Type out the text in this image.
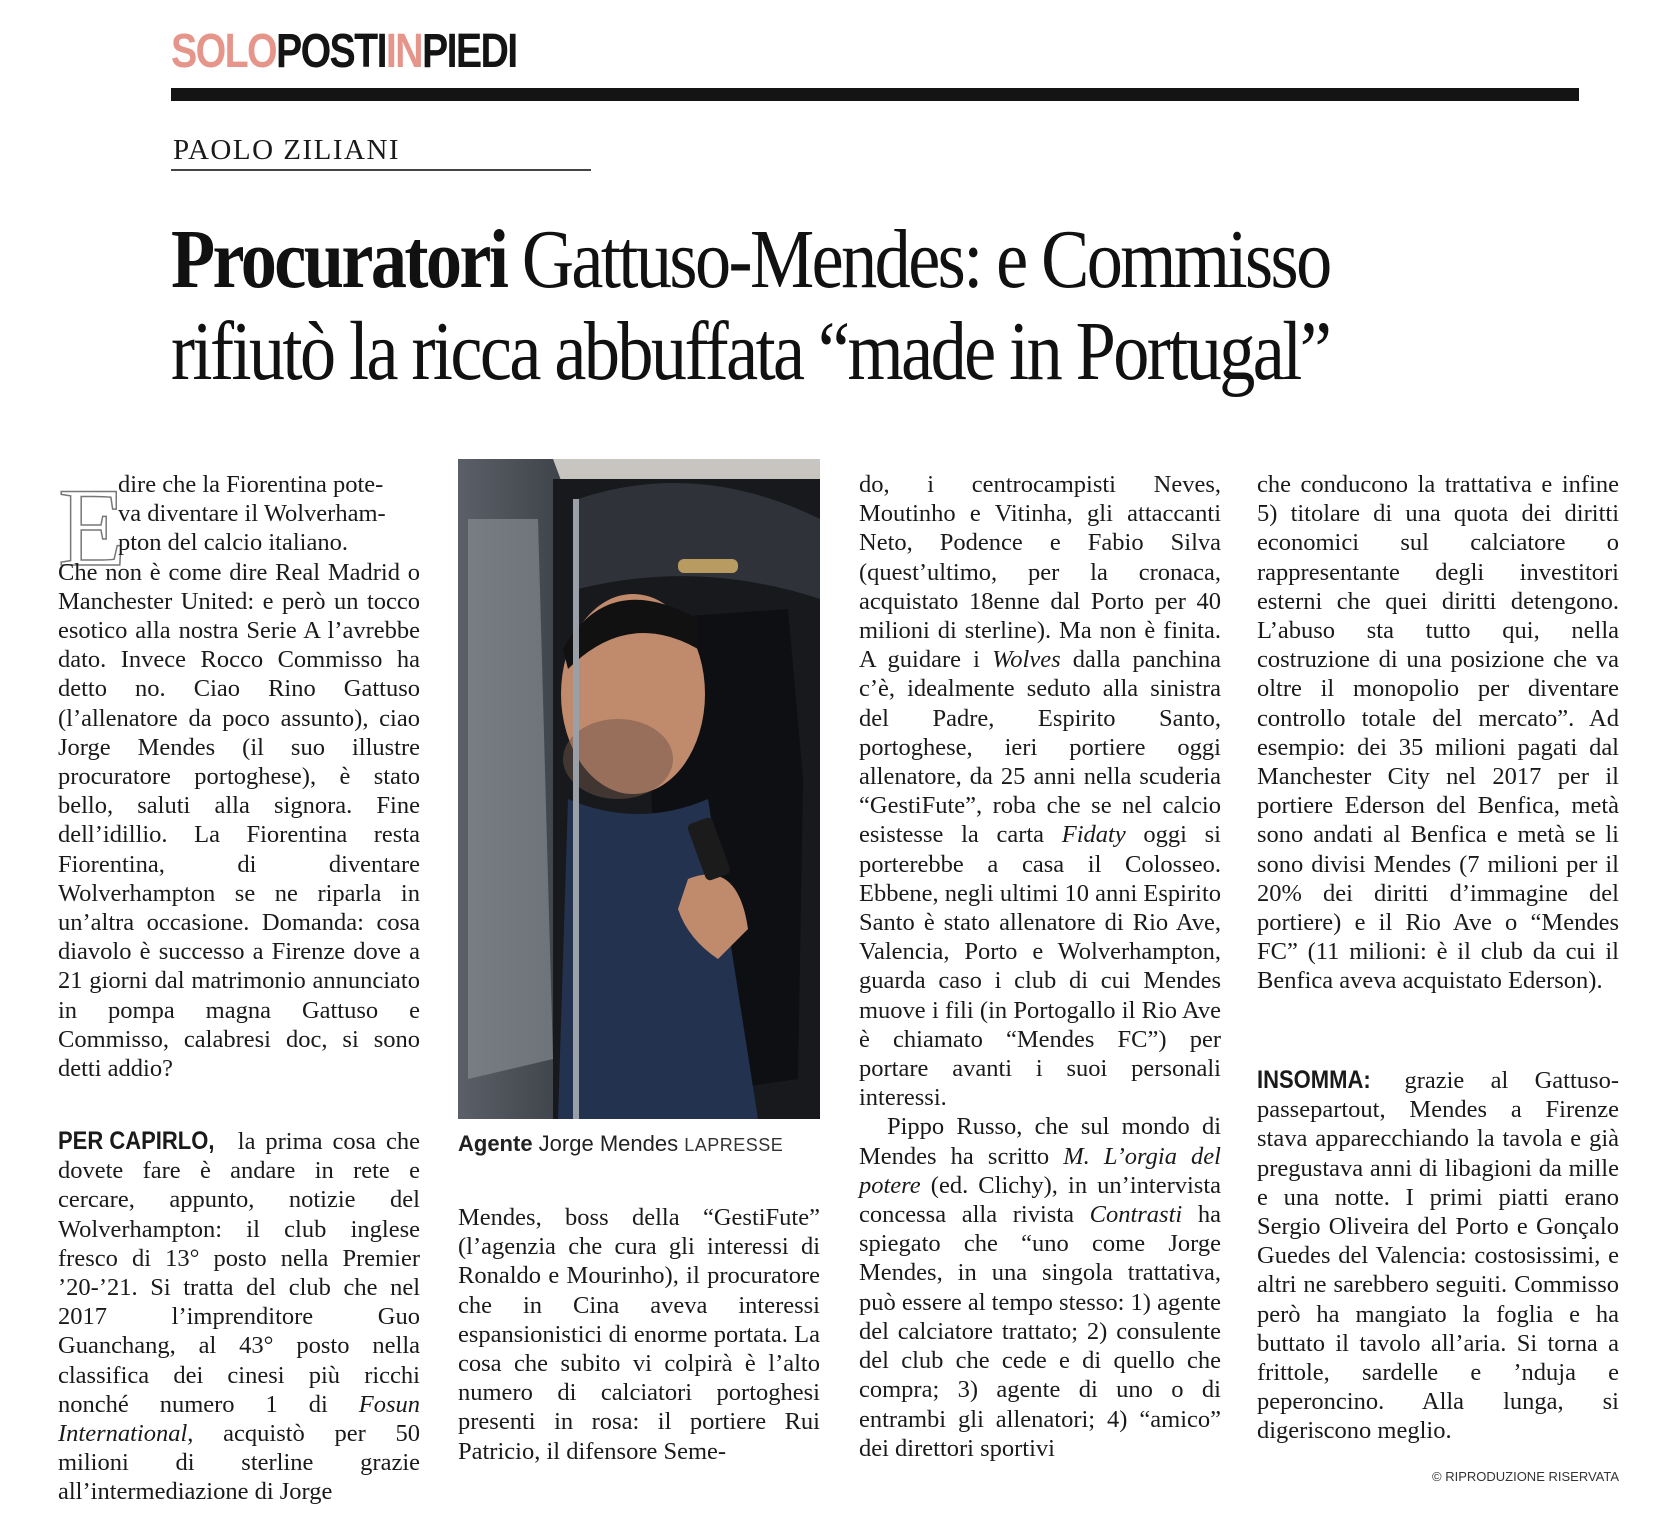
SOLOPOSTIINPIEDI
PAOLO ZILIANI
Procuratori Gattuso-Mendes: e Commisso
rifiutò la ricca abbuffata “made in Portugal”
E
dire che la Fiorentina pote-
va diventare il Wolverham-
pton del calcio italiano.

Che non è come dire Real Madrid o Manchester United: e però un tocco esotico alla nostra Serie A l’avrebbe dato. Invece Rocco Commisso ha detto no. Ciao Rino Gattuso (l’allenatore da poco assunto), ciao Jorge Mendes (il suo illustre procuratore portoghese), è stato bello, saluti alla signora. Fine dell’idillio. La Fiorentina resta Fiorentina, di diventare Wolverhampton se ne riparla in un’altra occasione. Domanda: cosa diavolo è successo a Firenze dove a 21 giorni dal matrimonio annunciato in pompa magna Gattuso e Commisso, calabresi doc, si sono detti addio?

PER CAPIRLO, la prima cosa che dovete fare è andare in rete e cercare, appunto, notizie del Wolverhampton: il club inglese fresco di 13° posto nella Premier ’20-’21. Si tratta del club che nel 2017 l’imprenditore Guo Guanchang, al 43° posto nella classifica dei cinesi più ricchi nonché numero 1 di Fosun International, acquistò per 50 milioni di sterline grazie all’intermediazione di Jorge

Agente Jorge Mendes LAPRESSE

Mendes, boss della “GestiFute” (l’agenzia che cura gli interessi di Ronaldo e Mourinho), il procuratore che in Cina aveva interessi espansionistici di enorme portata. La cosa che subito vi colpirà è l’alto numero di calciatori portoghesi presenti in rosa: il portiere Rui Patricio, il difensore Seme-

do, i centrocampisti Neves, Moutinho e Vitinha, gli attaccanti Neto, Podence e Fabio Silva (quest’ultimo, per la cronaca, acquistato 18enne dal Porto per 40 milioni di sterline). Ma non è finita. A guidare i Wolves dalla panchina c’è, idealmente seduto alla sinistra del Padre, Espirito Santo, portoghese, ieri portiere oggi allenatore, da 25 anni nella scuderia “GestiFute”, roba che se nel calcio esistesse la carta Fidaty oggi si porterebbe a casa il Colosseo. Ebbene, negli ultimi 10 anni Espirito Santo è stato allenatore di Rio Ave, Valencia, Porto e Wolverhampton, guarda caso i club di cui Mendes muove i fili (in Portogallo il Rio Ave è chiamato “Mendes FC”) per portare avanti i suoi personali interessi.

Pippo Russo, che sul mondo di Mendes ha scritto M. L’orgia del potere (ed. Clichy), in un’intervista concessa alla rivista Contrasti ha spiegato che “uno come Jorge Mendes, in una singola trattativa, può essere al tempo stesso: 1) agente del calciatore trattato; 2) consulente del club che cede e di quello che compra; 3) agente di uno o di entrambi gli allenatori; 4) “amico” dei direttori sportivi

che conducono la trattativa e infine 5) titolare di una quota dei diritti economici sul calciatore o rappresentante degli investitori esterni che quei diritti detengono. L’abuso sta tutto qui, nella costruzione di una posizione che va oltre il monopolio per diventare controllo totale del mercato”. Ad esempio: dei 35 milioni pagati dal Manchester City nel 2017 per il portiere Ederson del Benfica, metà sono andati al Benfica e metà se li sono divisi Mendes (7 milioni per il 20% dei diritti d’immagine del portiere) e il Rio Ave o “Mendes FC” (11 milioni: è il club da cui il Benfica aveva acquistato Ederson).

INSOMMA: grazie al Gattuso-passepartout, Mendes a Firenze stava apparecchiando la tavola e già pregustava anni di libagioni da mille e una notte. I primi piatti erano Sergio Oliveira del Porto e Gonçalo Guedes del Valencia: costosissimi, e altri ne sarebbero seguiti. Commisso però ha mangiato la foglia e ha buttato il tavolo all’aria. Si torna a frittole, sardelle e ’nduja e peperoncino. Alla lunga, si digeriscono meglio.

© RIPRODUZIONE RISERVATA
